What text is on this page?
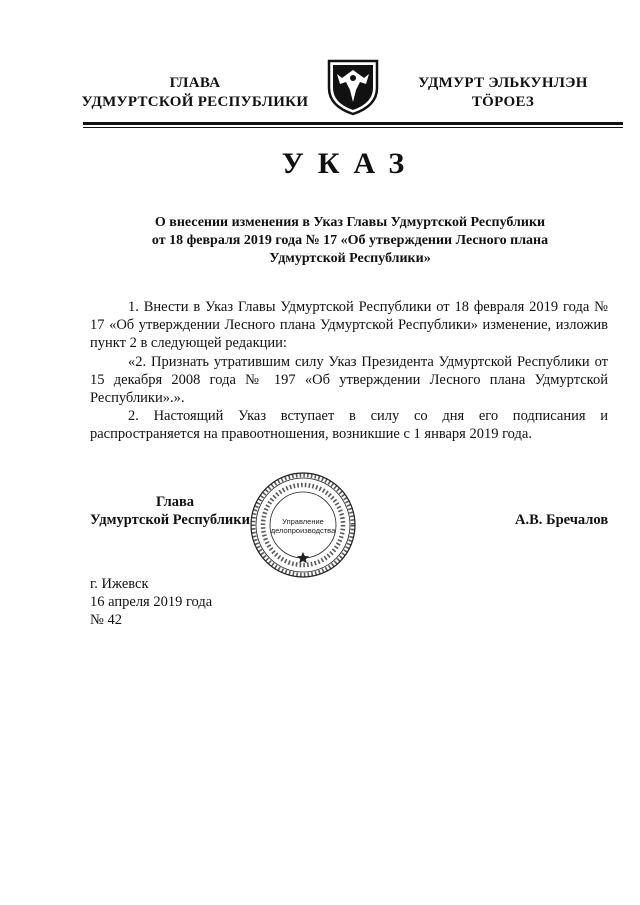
ГЛАВА
УДМУРТСКОЙ РЕСПУБЛИКИ
УДМУРТ ЭЛЬКУНЛЭН
ТÖРОЕЗ
УКАЗ
О внесении изменения в Указ Главы Удмуртской Республики
от 18 февраля 2019 года № 17 «Об утверждении Лесного плана
Удмуртской Республики»

1. Внести в Указ Главы Удмуртской Республики от 18 февраля 2019 года № 17 «Об утверждении Лесного плана Удмуртской Республики» изменение, изложив пункт 2 в следующей редакции:

«2. Признать утратившим силу Указ Президента Удмуртской Республики от 15 декабря 2008 года № 197 «Об утверждении Лесного плана Удмуртской Республики».».

2. Настоящий Указ вступает в силу со дня его подписания и распространяется на правоотношения, возникшие с 1 января 2019 года.

Глава
Удмуртской Республики	Управление
делопроизводства
А.В. Бречалов
г. Ижевск
16 апреля 2019 года
№ 42
